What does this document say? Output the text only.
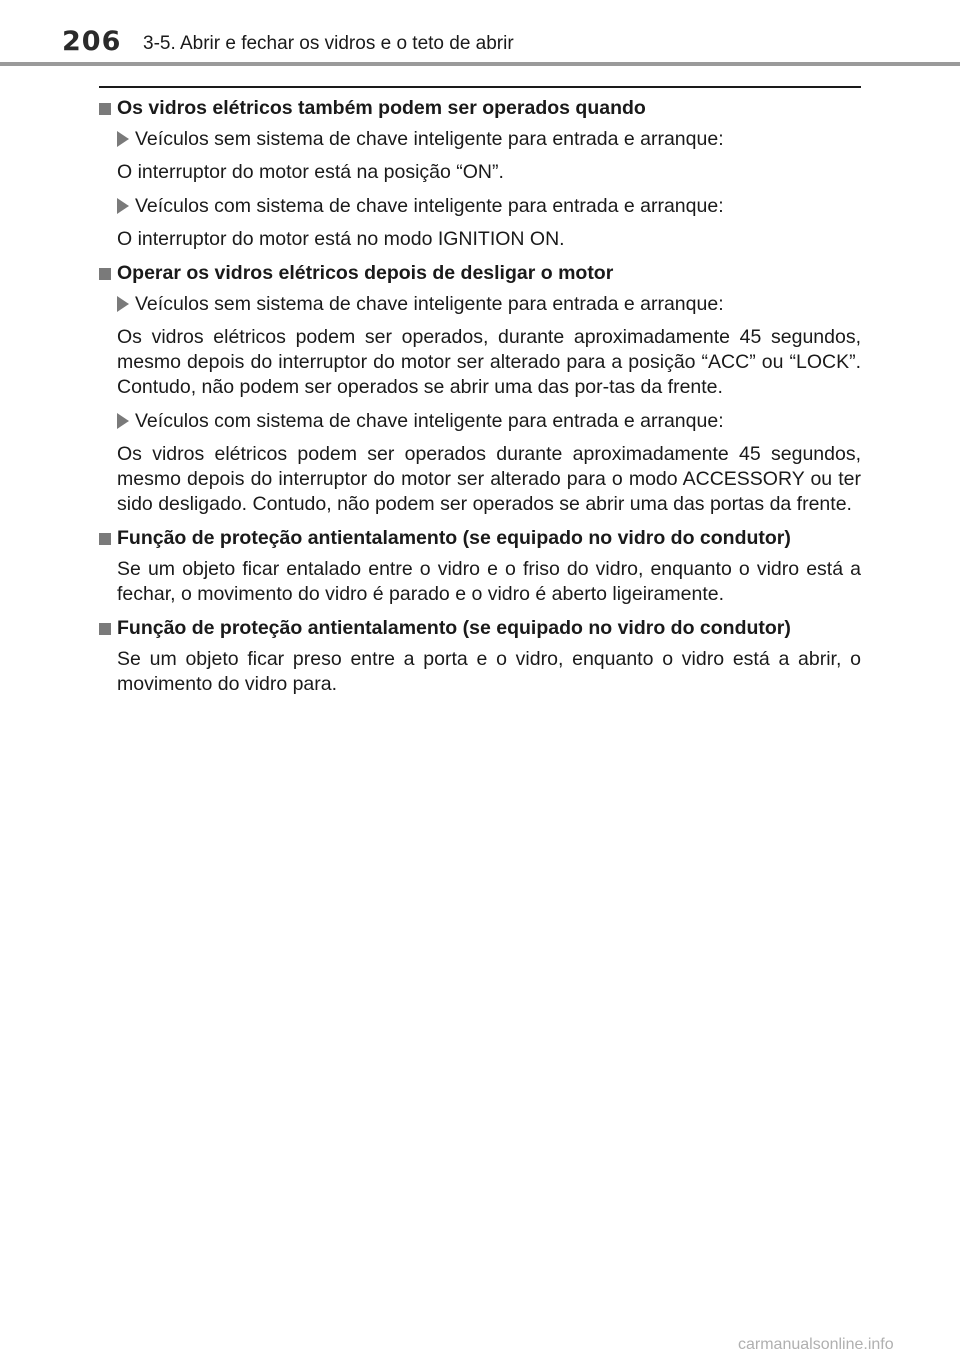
206 3-5. Abrir e fechar os vidros e o teto de abrir
Os vidros elétricos também podem ser operados quando
Veículos sem sistema de chave inteligente para entrada e arranque:

O interruptor do motor está na posição “ON”.

Veículos com sistema de chave inteligente para entrada e arranque:

O interruptor do motor está no modo IGNITION ON.

Operar os vidros elétricos depois de desligar o motor
Veículos sem sistema de chave inteligente para entrada e arranque:

Os vidros elétricos podem ser operados, durante aproximadamente 45 segundos, mesmo depois do interruptor do motor ser alterado para a posição “ACC” ou “LOCK”. Contudo, não podem ser operados se abrir uma das por-tas da frente.

Veículos com sistema de chave inteligente para entrada e arranque:

Os vidros elétricos podem ser operados durante aproximadamente 45 segundos, mesmo depois do interruptor do motor ser alterado para o modo ACCESSORY ou ter sido desligado. Contudo, não podem ser operados se abrir uma das portas da frente.

Função de proteção antientalamento (se equipado no vidro do condutor)

Se um objeto ficar entalado entre o vidro e o friso do vidro, enquanto o vidro está a fechar, o movimento do vidro é parado e o vidro é aberto ligeiramente.

Função de proteção antientalamento (se equipado no vidro do condutor)

Se um objeto ficar preso entre a porta e o vidro, enquanto o vidro está a abrir, o movimento do vidro para.

carmanualsonline.info
